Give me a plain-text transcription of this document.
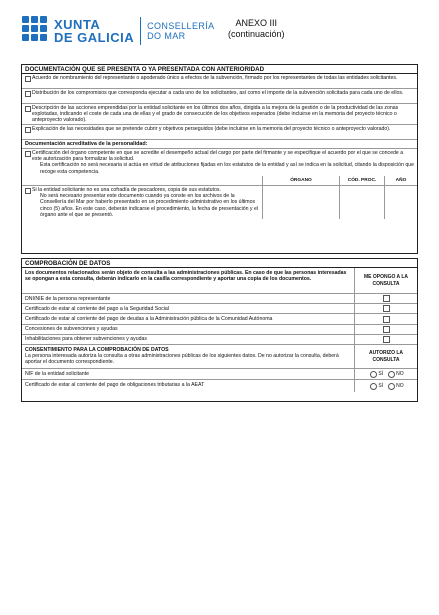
XUNTA
DE GALICIA
CONSELLERÍA
DO MAR
ANEXO III
(continuación)
DOCUMENTACIÓN QUE SE PRESENTA O YA PRESENTADA CON ANTERIORIDAD
Acuerdo de nombramiento del representante o apoderado único a efectos de la subvención, firmado por los representantes de todas las entidades solicitantes.
Distribución de los compromisos que corresponda ejecutar a cada uno de los solicitantes, así como el importe de la subvención solicitada para cada uno de ellos.
Descripción de las acciones emprendidas por la entidad solicitante en los últimos dos años, dirigida a la mejora de la gestión o de la productividad de las zonas explotadas, indicando el coste de cada una de ellas y el grado de consecución de los objetivos esperados (debe incluirse en la memoria del proyecto técnico o anteproyecto valorado).
Explicación de las necesidades que se pretende cubrir y objetivos perseguidos (debe incluirse en la memoria del proyecto técnico o anteproyecto valorado).
Documentación acreditativa de la personalidad:
Certificación del órgano competente en que se acredite el desempeño actual del cargo por parte del firmante y se especifique el acuerdo por el que se concede a este autorización para formalizar la solicitud.
Esta certificación no será necesaria si actúa en virtud de atribuciones fijadas en los estatutos de la entidad y así se indica en la solicitud, citando la disposición que recoge esta competencia.
ÓRGANO	CÓD. PROC.	AÑO
Si la entidad solicitante no es una cofradía de pescadores, copia de sus estatutos.
No será necesario presentar este documento cuando ya conste en los archivos de la Consellería del Mar por haberlo presentado en un procedimiento administrativo en los últimos cinco (5) años. En este caso, deberán indicarse el procedimiento, la fecha de presentación y el órgano ante el que se presentó.
COMPROBACIÓN DE DATOS
Los documentos relacionados serán objeto de consulta a las administraciones públicas. En caso de que las personas interesadas se opongan a esta consulta, deberán indicarlo en la casilla correspondiente y aportar una copia de los documentos.	ME OPONGO A LA CONSULTA
DNI/NIE de la persona representante
Certificado de estar al corriente del pago a la Seguridad Social
Certificado de estar al corriente del pago de deudas a la Administración pública de la Comunidad Autónoma
Concesiones de subvenciones y ayudas
Inhabilitaciones para obtener subvenciones y ayudas
CONSENTIMIENTO PARA LA COMPROBACIÓN DE DATOS
La persona interesada autoriza la consulta a otras administraciones públicas de los siguientes datos. De no autorizar la consulta, deberá aportar el documento correspondiente.
AUTORIZO LA CONSULTA
NIF de la entidad solicitante	SÍ	NO
Certificado de estar al corriente del pago de obligaciones tributarias a la AEAT	SÍ	NO
